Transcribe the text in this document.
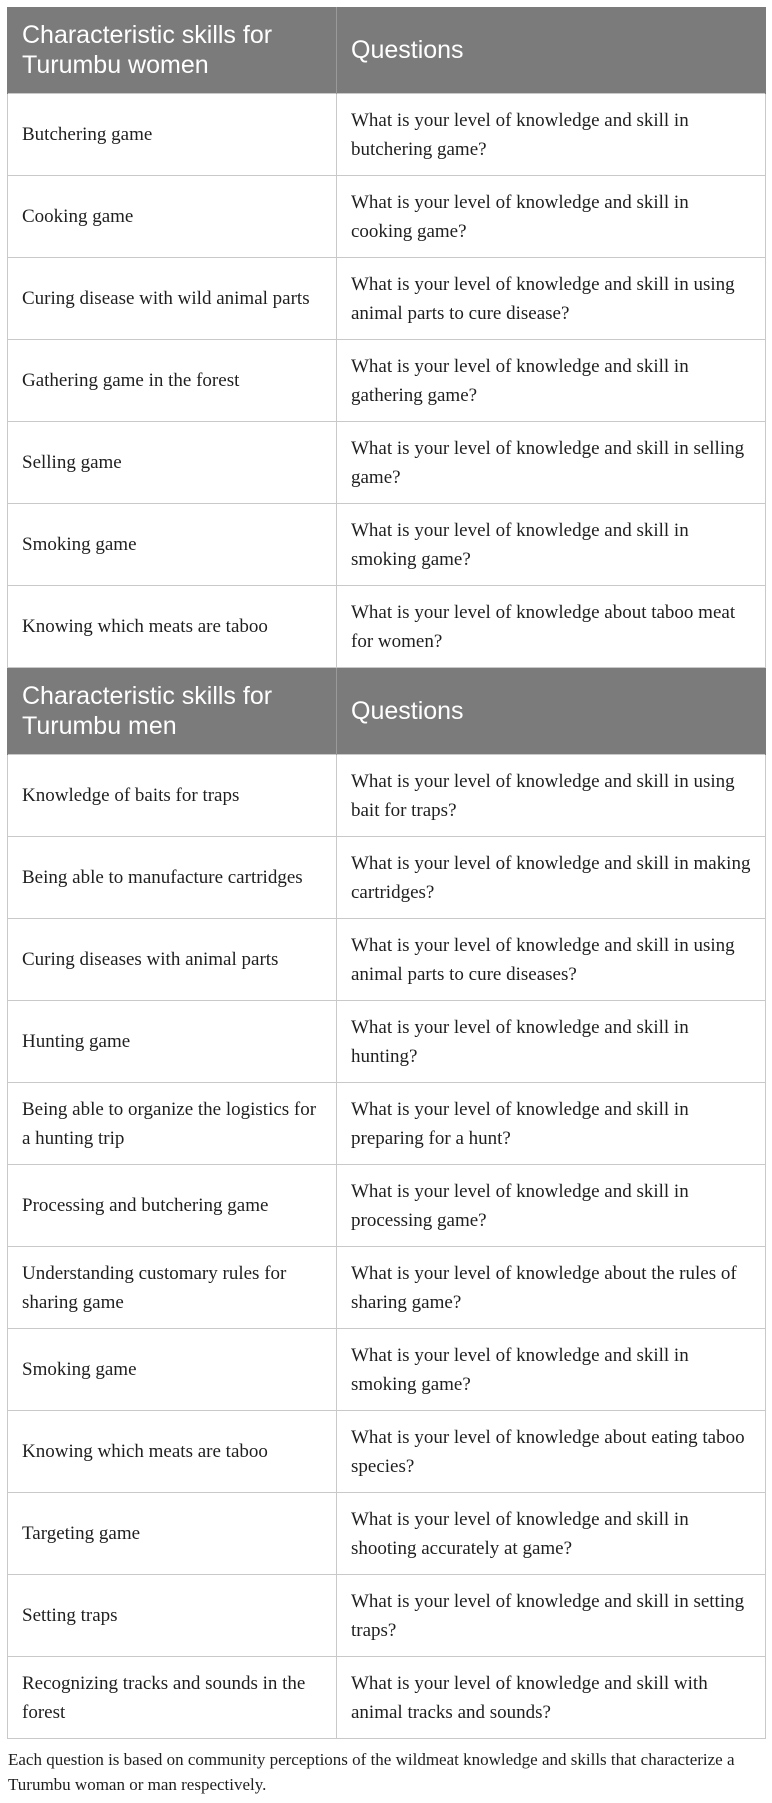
Characteristic skills for Turumbu women	Questions
Butchering game	What is your level of knowledge and skill in butchering game?
Cooking game	What is your level of knowledge and skill in cooking game?
Curing disease with wild animal parts	What is your level of knowledge and skill in using animal parts to cure disease?
Gathering game in the forest	What is your level of knowledge and skill in gathering game?
Selling game	What is your level of knowledge and skill in selling game?
Smoking game	What is your level of knowledge and skill in smoking game?
Knowing which meats are taboo	What is your level of knowledge about taboo meat for women?
Characteristic skills for Turumbu men	Questions
Knowledge of baits for traps	What is your level of knowledge and skill in using bait for traps?
Being able to manufacture cartridges	What is your level of knowledge and skill in making cartridges?
Curing diseases with animal parts	What is your level of knowledge and skill in using animal parts to cure diseases?
Hunting game	What is your level of knowledge and skill in hunting?
Being able to organize the logistics for a hunting trip	What is your level of knowledge and skill in preparing for a hunt?
Processing and butchering game	What is your level of knowledge and skill in processing game?
Understanding customary rules for sharing game	What is your level of knowledge about the rules of sharing game?
Smoking game	What is your level of knowledge and skill in smoking game?
Knowing which meats are taboo	What is your level of knowledge about eating taboo species?
Targeting game	What is your level of knowledge and skill in shooting accurately at game?
Setting traps	What is your level of knowledge and skill in setting traps?
Recognizing tracks and sounds in the forest	What is your level of knowledge and skill with animal tracks and sounds?
Each question is based on community perceptions of the wildmeat knowledge and skills that characterize a Turumbu woman or man respectively.
